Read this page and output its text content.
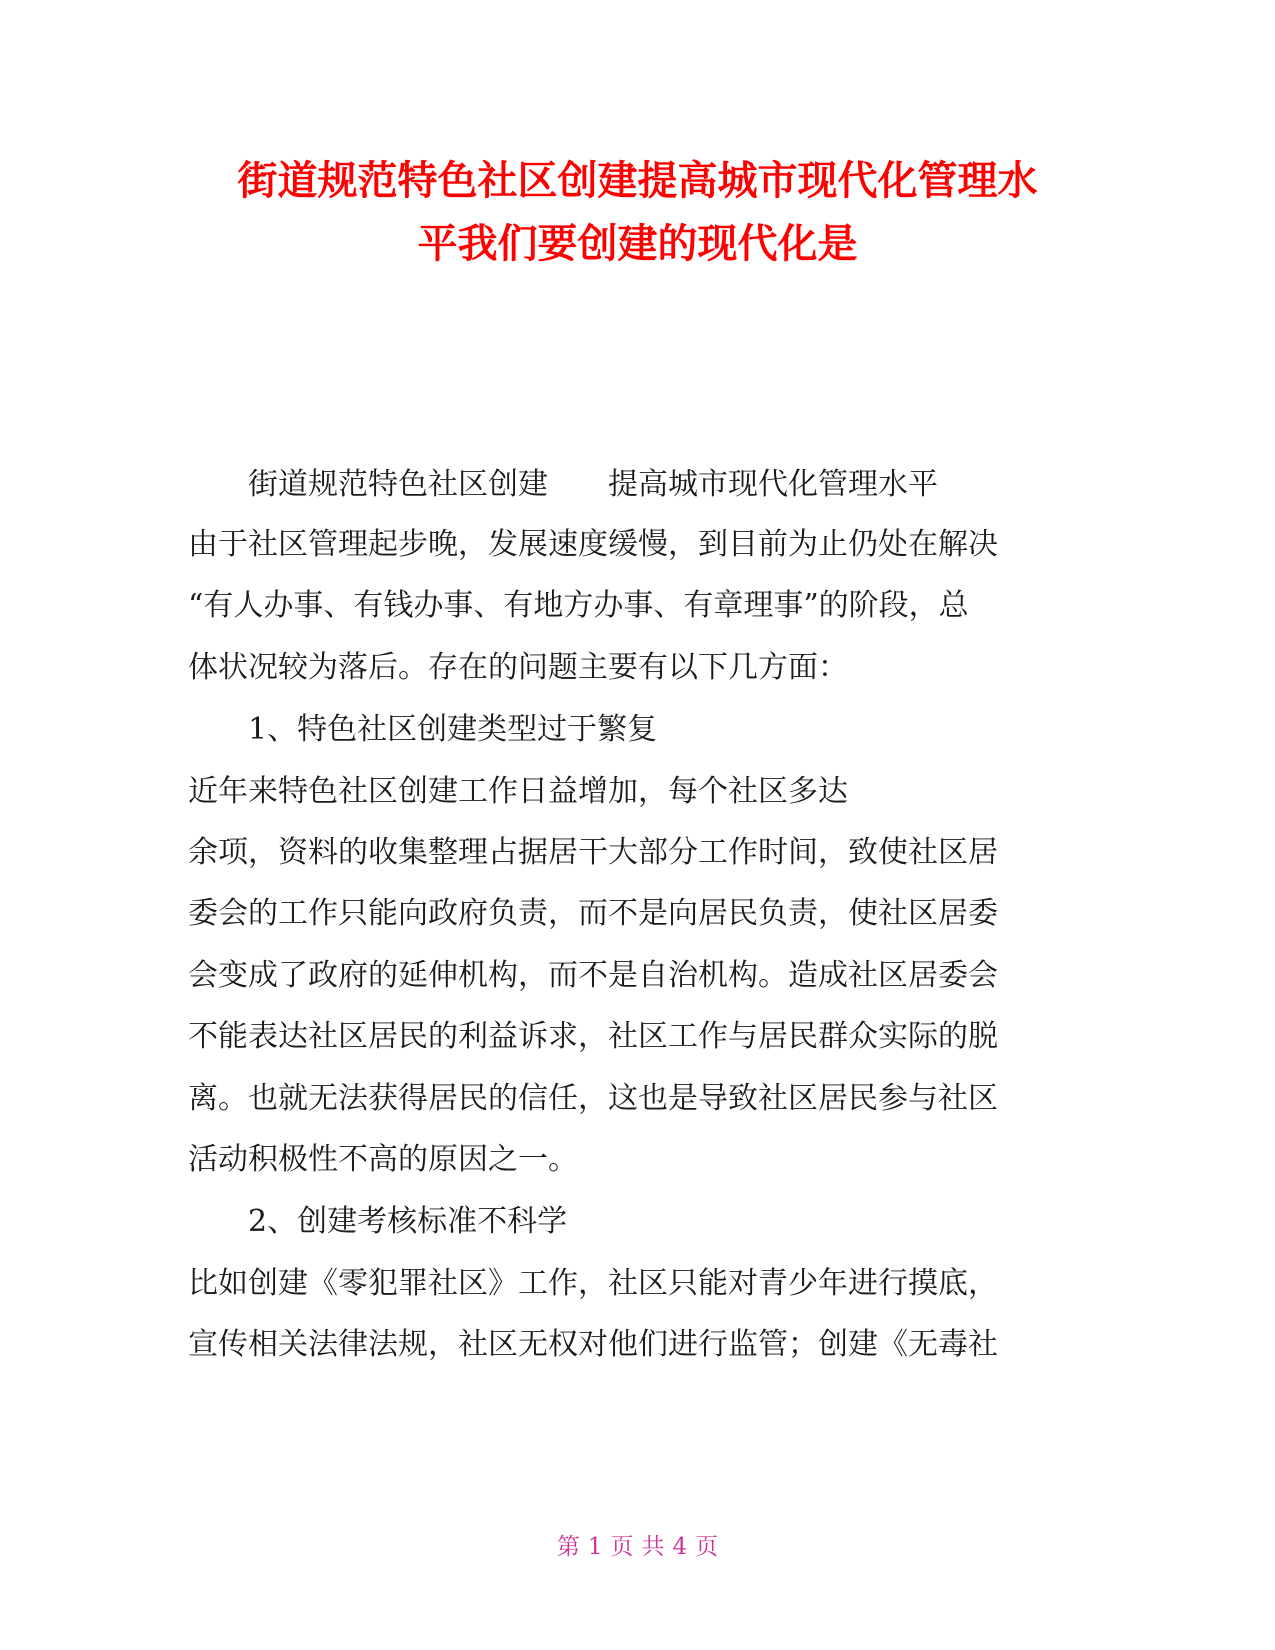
街道规范特色社区创建提高城市现代化管理水
平我们要创建的现代化是
街道规范特色社区创建　　提高城市现代化管理水平
由于社区管理起步晚，发展速度缓慢，到目前为止仍处在解决
“有人办事、有钱办事、有地方办事、有章理事”的阶段，总
体状况较为落后。存在的问题主要有以下几方面：
1、特色社区创建类型过于繁复
近年来特色社区创建工作日益增加，每个社区多达
余项，资料的收集整理占据居干大部分工作时间，致使社区居
委会的工作只能向政府负责，而不是向居民负责，使社区居委
会变成了政府的延伸机构，而不是自治机构。造成社区居委会
不能表达社区居民的利益诉求，社区工作与居民群众实际的脱
离。也就无法获得居民的信任，这也是导致社区居民参与社区
活动积极性不高的原因之一。
2、创建考核标准不科学
比如创建《零犯罪社区》工作，社区只能对青少年进行摸底，
宣传相关法律法规，社区无权对他们进行监管；创建《无毒社
第 1 页 共 4 页
